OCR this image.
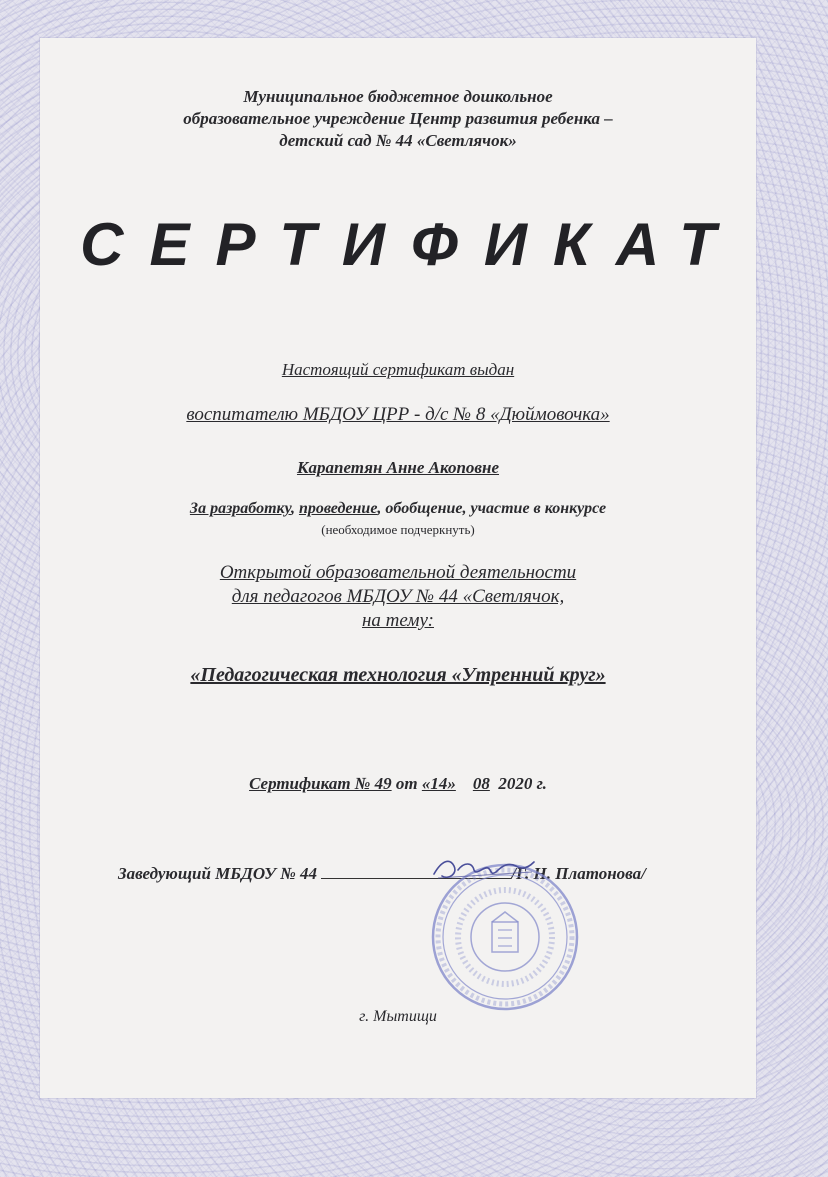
Муниципальное бюджетное дошкольное
образовательное учреждение Центр развития ребенка –
детский сад № 44 «Светлячок»
СЕРТИФИКАТ
Настоящий сертификат выдан
воспитателю МБДОУ ЦРР - д/с № 8 «Дюймовочка»
Карапетян Анне Акоповне
За разработку, проведение, обобщение, участие в конкурсе
(необходимое подчеркнуть)
Открытой образовательной деятельности
для педагогов МБДОУ № 44 «Светлячок,
на тему:
«Педагогическая технология «Утренний круг»
Сертификат № 49 от «14» 08 2020 г.
Заведующий МБДОУ № 44	/Г. Н. Платонова/
г. Мытищи
